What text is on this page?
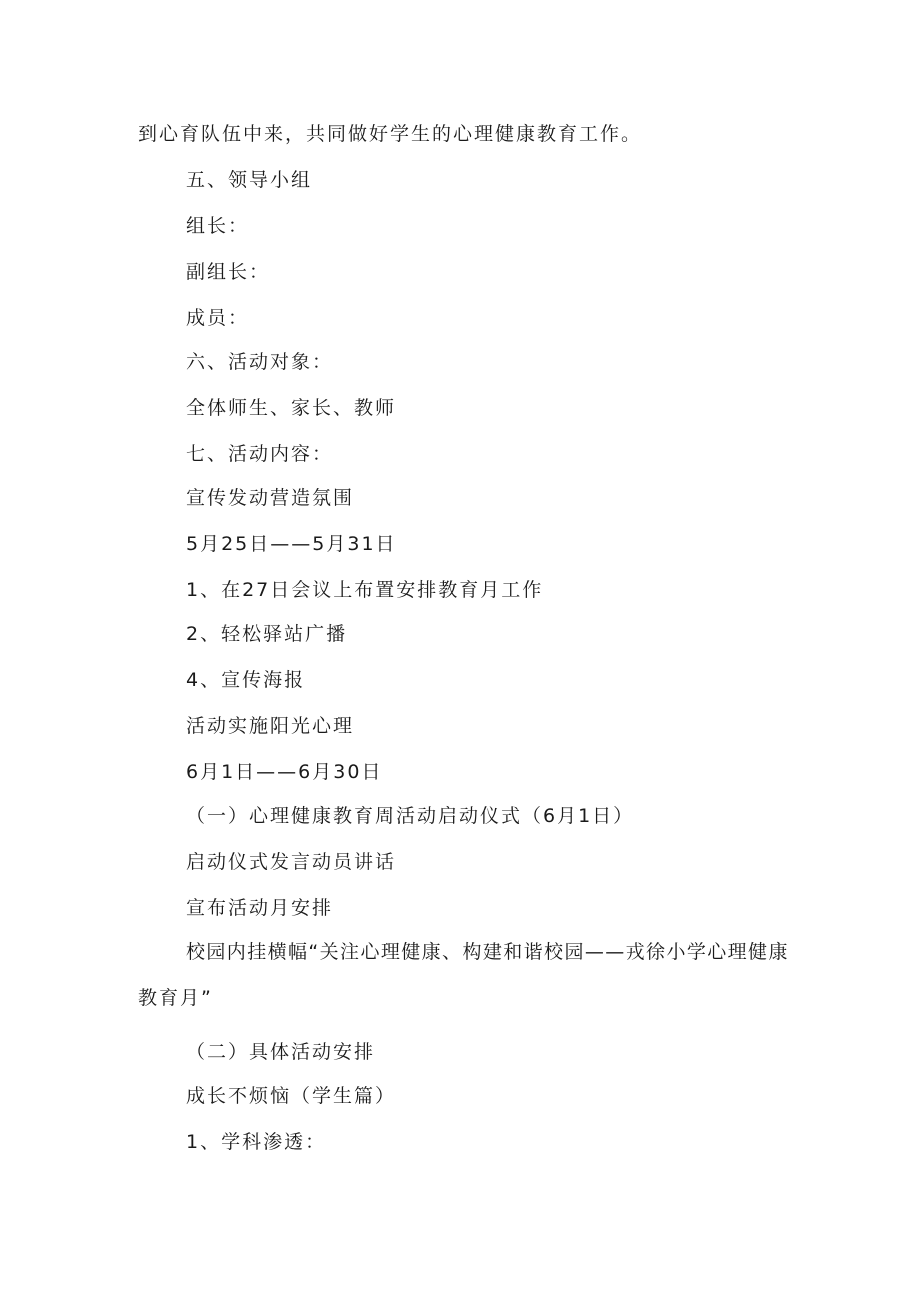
到心育队伍中来，共同做好学生的心理健康教育工作。
五、领导小组
组长：
副组长：
成员：
六、活动对象：
全体师生、家长、教师
七、活动内容：
宣传发动营造氛围
5月25日——5月31日
1、在27日会议上布置安排教育月工作
2、轻松驿站广播
4、宣传海报
活动实施阳光心理
6月1日——6月30日
（一）心理健康教育周活动启动仪式（6月1日）
启动仪式发言动员讲话
宣布活动月安排
校园内挂横幅“关注心理健康、构建和谐校园——戎徐小学心理健康
教育月”
（二）具体活动安排
成长不烦恼（学生篇）
1、学科渗透：
